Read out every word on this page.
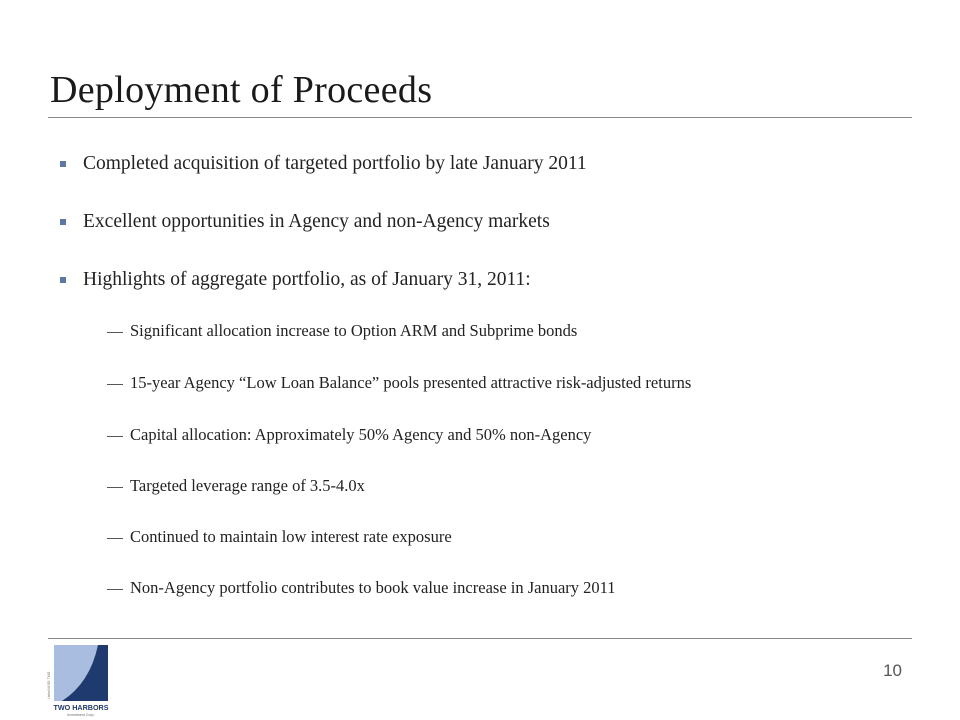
Deployment of Proceeds
Completed acquisition of targeted portfolio by late January 2011
Excellent opportunities in Agency and non-Agency markets
Highlights of aggregate portfolio, as of January 31, 2011:
Significant allocation increase to Option ARM and Subprime bonds
15-year Agency “Low Loan Balance” pools presented attractive risk-adjusted returns
Capital allocation: Approximately 50% Agency and 50% non-Agency
Targeted leverage range of 3.5-4.0x
Continued to maintain low interest rate exposure
Non-Agency portfolio contributes to book value increase in January 2011
Listed NYSE: TWO
TWO HARBORS
Investment Corp.
10
